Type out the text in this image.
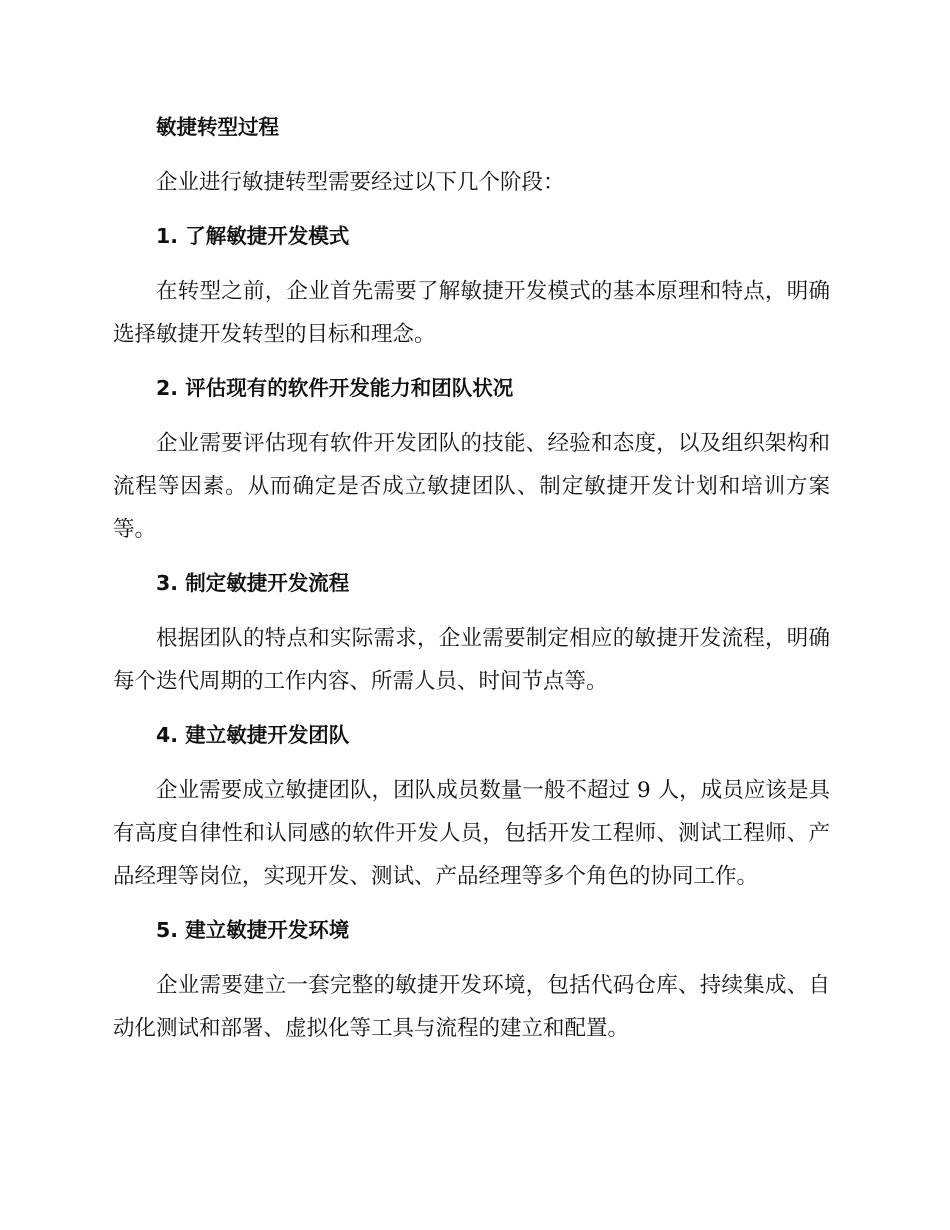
敏捷转型过程

企业进行敏捷转型需要经过以下几个阶段：

1. 了解敏捷开发模式

在转型之前，企业首先需要了解敏捷开发模式的基本原理和特点，明确选择敏捷开发转型的目标和理念。

2. 评估现有的软件开发能力和团队状况

企业需要评估现有软件开发团队的技能、经验和态度，以及组织架构和流程等因素。从而确定是否成立敏捷团队、制定敏捷开发计划和培训方案等。

3. 制定敏捷开发流程

根据团队的特点和实际需求，企业需要制定相应的敏捷开发流程，明确每个迭代周期的工作内容、所需人员、时间节点等。

4. 建立敏捷开发团队

企业需要成立敏捷团队，团队成员数量一般不超过 9 人，成员应该是具有高度自律性和认同感的软件开发人员，包括开发工程师、测试工程师、产品经理等岗位，实现开发、测试、产品经理等多个角色的协同工作。

5. 建立敏捷开发环境

企业需要建立一套完整的敏捷开发环境，包括代码仓库、持续集成、自动化测试和部署、虚拟化等工具与流程的建立和配置。
